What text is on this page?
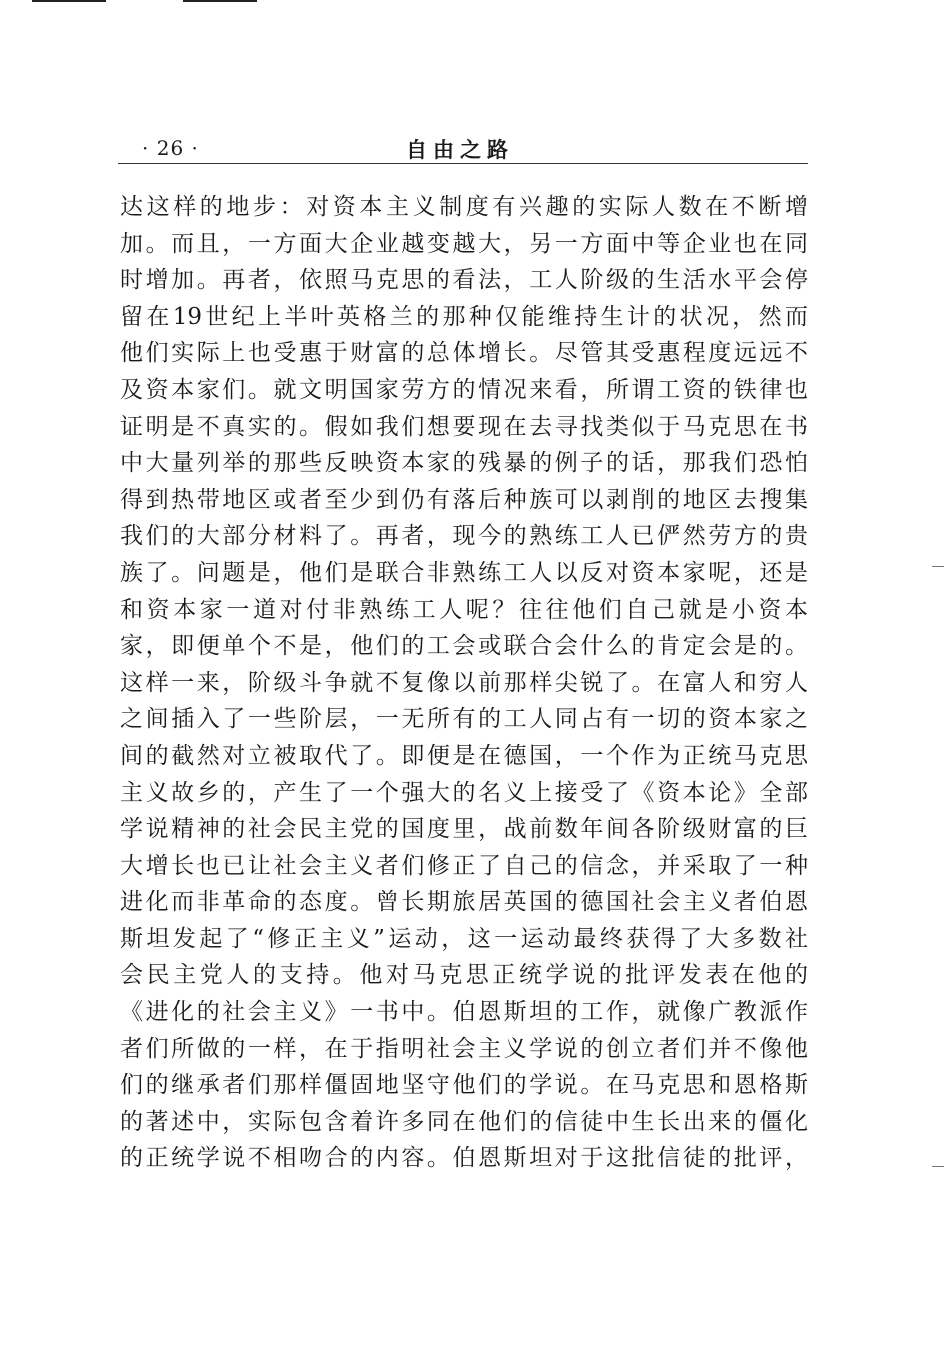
· 26 ·	自由之路
达这样的地步：对资本主义制度有兴趣的实际人数在不断增
加。而且，一方面大企业越变越大，另一方面中等企业也在同
时增加。再者，依照马克思的看法，工人阶级的生活水平会停
留在19世纪上半叶英格兰的那种仅能维持生计的状况，然而
他们实际上也受惠于财富的总体增长。尽管其受惠程度远远不
及资本家们。就文明国家劳方的情况来看，所谓工资的铁律也
证明是不真实的。假如我们想要现在去寻找类似于马克思在书
中大量列举的那些反映资本家的残暴的例子的话，那我们恐怕
得到热带地区或者至少到仍有落后种族可以剥削的地区去搜集
我们的大部分材料了。再者，现今的熟练工人已俨然劳方的贵
族了。问题是，他们是联合非熟练工人以反对资本家呢，还是
和资本家一道对付非熟练工人呢？往往他们自己就是小资本
家，即便单个不是，他们的工会或联合会什么的肯定会是的。
这样一来，阶级斗争就不复像以前那样尖锐了。在富人和穷人
之间插入了一些阶层，一无所有的工人同占有一切的资本家之
间的截然对立被取代了。即便是在德国，一个作为正统马克思
主义故乡的，产生了一个强大的名义上接受了《资本论》全部
学说精神的社会民主党的国度里，战前数年间各阶级财富的巨
大增长也已让社会主义者们修正了自己的信念，并采取了一种
进化而非革命的态度。曾长期旅居英国的德国社会主义者伯恩
斯坦发起了“修正主义”运动，这一运动最终获得了大多数社
会民主党人的支持。他对马克思正统学说的批评发表在他的
《进化的社会主义》一书中。伯恩斯坦的工作，就像广教派作
者们所做的一样，在于指明社会主义学说的创立者们并不像他
们的继承者们那样僵固地坚守他们的学说。在马克思和恩格斯
的著述中，实际包含着许多同在他们的信徒中生长出来的僵化
的正统学说不相吻合的内容。伯恩斯坦对于这批信徒的批评，
